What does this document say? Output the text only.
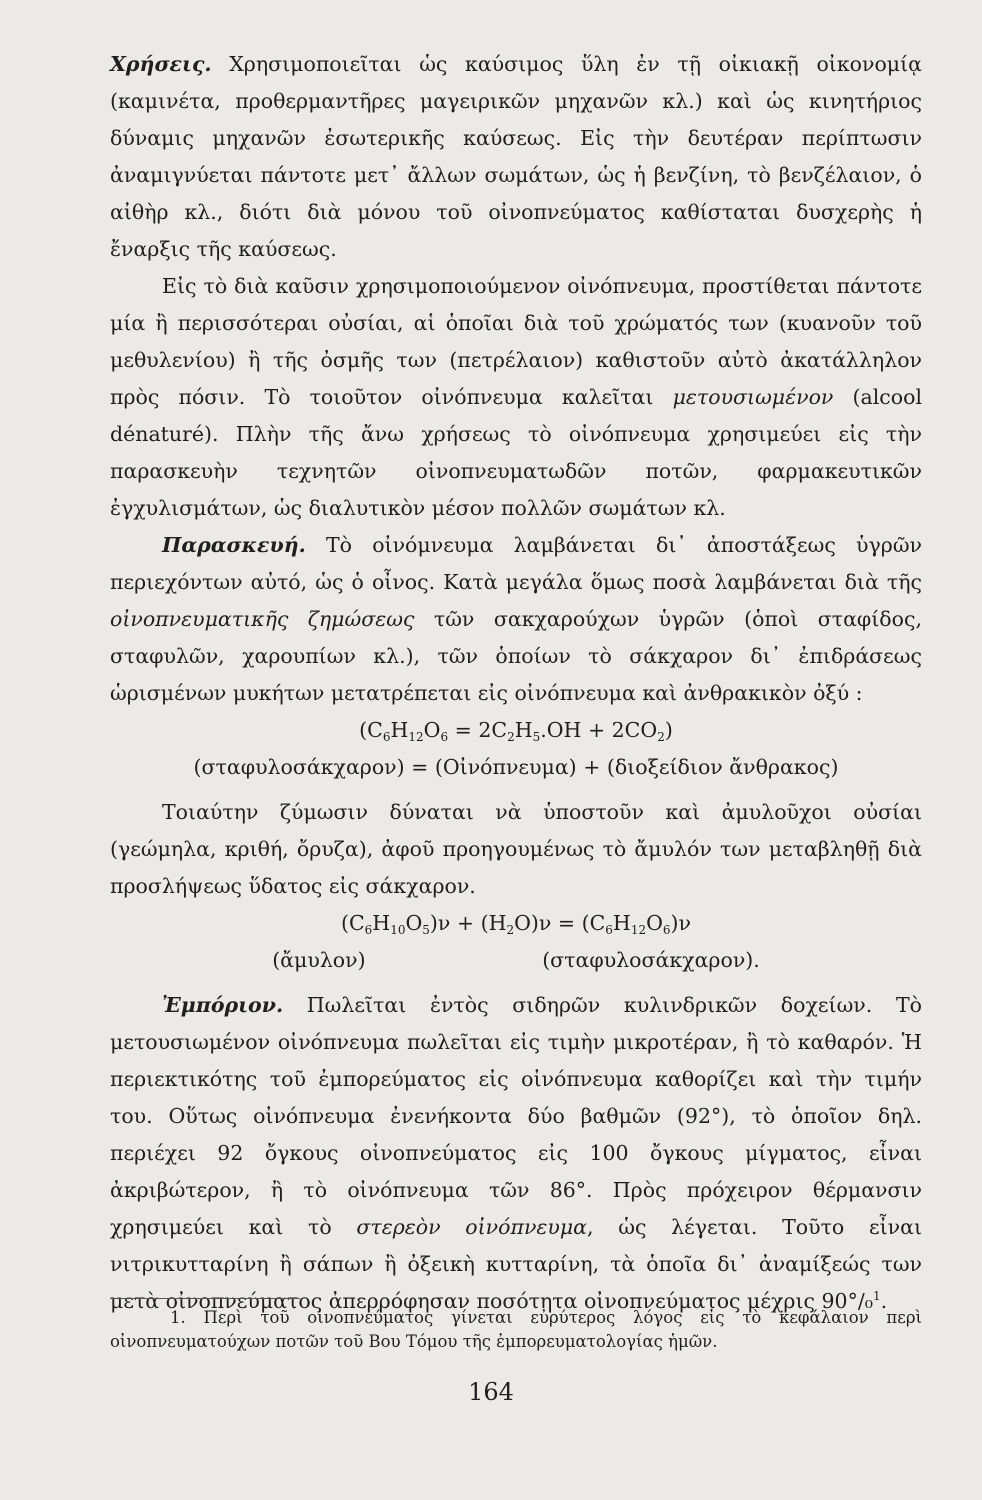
Χρήσεις. Χρησιμοποιεῖται ὡς καύσιμος ὕλη ἐν τῇ οἰκιακῇ οἰκονομίᾳ (καμινέτα, προθερμαντῆρες μαγειρικῶν μηχανῶν κλ.) καὶ ὡς κινητήριος δύναμις μηχανῶν ἐσωτερικῆς καύσεως. Εἰς τὴν δευτέραν περίπτωσιν ἀναμιγνύεται πάντοτε μετ᾽ ἄλλων σωμάτων, ὡς ἡ βενζίνη, τὸ βενζέλαιον, ὁ αἰθὴρ κλ., διότι διὰ μόνου τοῦ οἰνοπνεύματος καθίσταται δυσχερὴς ἡ ἔναρξις τῆς καύσεως.

Εἰς τὸ διὰ καῦσιν χρησιμοποιούμενον οἰνόπνευμα, προστίθεται πάντοτε μία ἢ περισσότεραι οὐσίαι, αἱ ὁποῖαι διὰ τοῦ χρώματός των (κυανοῦν τοῦ μεθυλενίου) ἢ τῆς ὀσμῆς των (πετρέλαιον) καθιστοῦν αὐτὸ ἀκατάλληλον πρὸς πόσιν. Τὸ τοιοῦτον οἰνόπνευμα καλεῖται μετουσιωμένον (alcool dénaturé). Πλὴν τῆς ἄνω χρήσεως τὸ οἰνόπνευμα χρησιμεύει εἰς τὴν παρασκευὴν τεχνητῶν οἰνοπνευματωδῶν ποτῶν, φαρμακευτικῶν ἐγχυλισμάτων, ὡς διαλυτικὸν μέσον πολλῶν σωμάτων κλ.

Παρασκευή. Τὸ οἰνόμνευμα λαμβάνεται δι᾽ ἀποστάξεως ὑγρῶν περιεχόντων αὐτό, ὡς ὁ οἶνος. Κατὰ μεγάλα ὅμως ποσὰ λαμβάνεται διὰ τῆς οἰνοπνευματικῆς ζημώσεως τῶν σακχαρούχων ὑγρῶν (ὁποὶ σταφίδος, σταφυλῶν, χαρουπίων κλ.), τῶν ὁποίων τὸ σάκχαρον δι᾽ ἐπιδράσεως ὡρισμένων μυκήτων μετατρέπεται εἰς οἰνόπνευμα καὶ ἀνθρακικὸν ὀξύ :

$(C_6H_{12}O_6 = 2C_2H_5.OH + 2CO_2)$

(σταφυλοσάκχαρον) = (Οἰνόπνευμα) + (διοξείδιον ἄνθρακος)

Τοιαύτην ζύμωσιν δύναται νὰ ὑποστοῦν καὶ ἀμυλοῦχοι οὐσίαι (γεώμηλα, κριθή, ὄρυζα), ἀφοῦ προηγουμένως τὸ ἄμυλόν των μεταβληθῇ διὰ προσλήψεως ὕδατος εἰς σάκχαρον.

$(C_6H_{10}O_5)\nu + (H_2O)\nu = (C_6H_{12}O_6)\nu$

(ἄμυλον)	(σταφυλοσάκχαρον).

Ἐμπόριον. Πωλεῖται ἐντὸς σιδηρῶν κυλινδρικῶν δοχείων. Τὸ μετουσιωμένον οἰνόπνευμα πωλεῖται εἰς τιμὴν μικροτέραν, ἢ τὸ καθαρόν. Ἡ περιεκτικότης τοῦ ἐμπορεύματος εἰς οἰνόπνευμα καθορίζει καὶ τὴν τιμήν του. Οὕτως οἰνόπνευμα ἐνενήκοντα δύο βαθμῶν (92°), τὸ ὁποῖον δηλ. περιέχει 92 ὄγκους οἰνοπνεύματος εἰς 100 ὄγκους μίγματος, εἶναι ἀκριβώτερον, ἢ τὸ οἰνόπνευμα τῶν 86°. Πρὸς πρόχειρον θέρμανσιν χρησιμεύει καὶ τὸ στερεὸν οἰνόπνευμα, ὡς λέγεται. Τοῦτο εἶναι νιτρικυτταρίνη ἢ σάπων ἢ ὀξεικὴ κυτταρίνη, τὰ ὁποῖα δι᾽ ἀναμίξεώς των μετὰ οἰνοπνεύματος ἀπερρόφησαν ποσότητα οἰνοπνεύματος μέχρις 90°/₀$^1$.

1. Περὶ τοῦ οἰνοπνεύματος γίνεται εὐρύτερος λόγος εἰς τὸ κεφάλαιον περὶ οἰνοπνευματούχων ποτῶν τοῦ Βου Τόμου τῆς ἐμπορευματολογίας ἡμῶν.

164
